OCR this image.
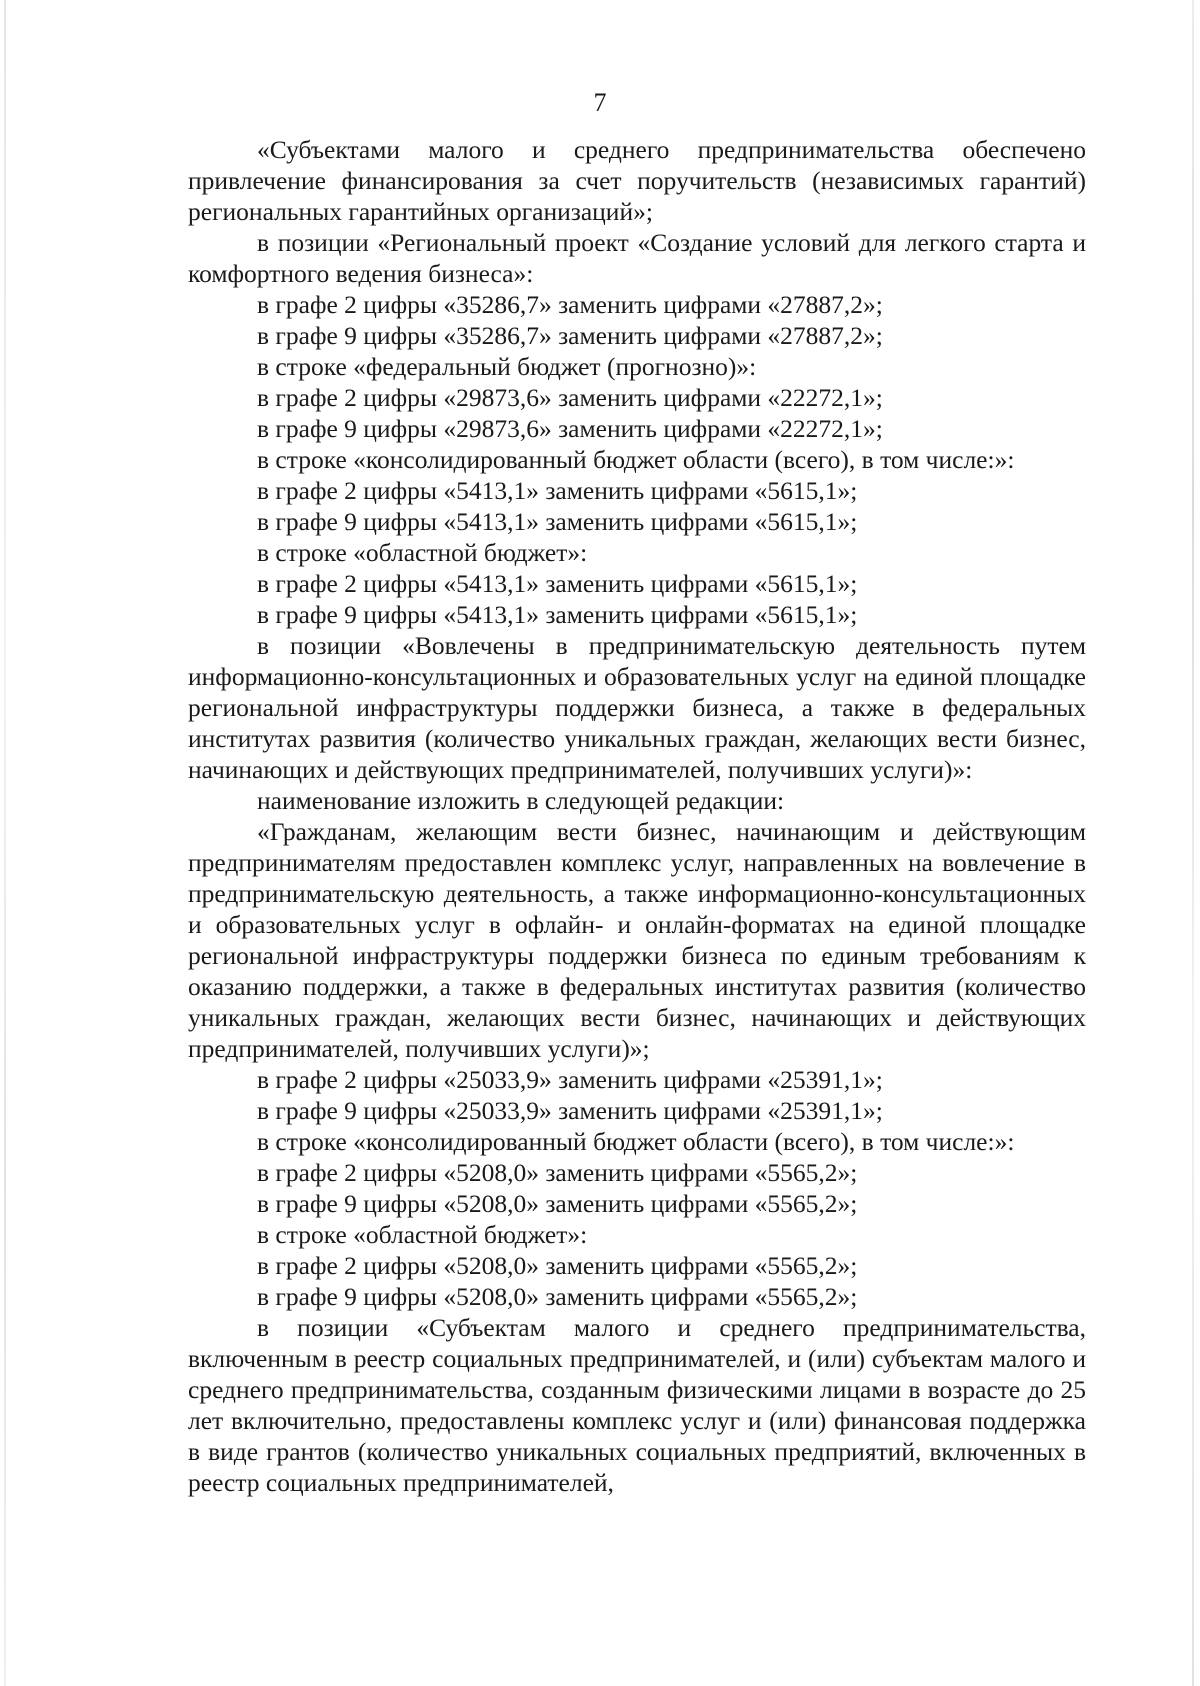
7

«Субъектами малого и среднего предпринимательства обеспечено привлечение финансирования за счет поручительств (независимых гарантий) региональных гарантийных организаций»;

в позиции «Региональный проект «Создание условий для легкого старта и комфортного ведения бизнеса»:

в графе 2 цифры «35286,7» заменить цифрами «27887,2»;

в графе 9 цифры «35286,7» заменить цифрами «27887,2»;

в строке «федеральный бюджет (прогнозно)»:

в графе 2 цифры «29873,6» заменить цифрами «22272,1»;

в графе 9 цифры «29873,6» заменить цифрами «22272,1»;

в строке «консолидированный бюджет области (всего), в том числе:»:

в графе 2 цифры «5413,1» заменить цифрами «5615,1»;

в графе 9 цифры «5413,1» заменить цифрами «5615,1»;

в строке «областной бюджет»:

в графе 2 цифры «5413,1» заменить цифрами «5615,1»;

в графе 9 цифры «5413,1» заменить цифрами «5615,1»;

в позиции «Вовлечены в предпринимательскую деятельность путем информационно-консультационных и образовательных услуг на единой площадке региональной инфраструктуры поддержки бизнеса, а также в федеральных институтах развития (количество уникальных граждан, желающих вести бизнес, начинающих и действующих предпринимателей, получивших услуги)»:

наименование изложить в следующей редакции:

«Гражданам, желающим вести бизнес, начинающим и действующим предпринимателям предоставлен комплекс услуг, направленных на вовлечение в предпринимательскую деятельность, а также информационно-консультационных и образовательных услуг в офлайн- и онлайн-форматах на единой площадке региональной инфраструктуры поддержки бизнеса по единым требованиям к оказанию поддержки, а также в федеральных институтах развития (количество уникальных граждан, желающих вести бизнес, начинающих и действующих предпринимателей, получивших услуги)»;

в графе 2 цифры «25033,9» заменить цифрами «25391,1»;

в графе 9 цифры «25033,9» заменить цифрами «25391,1»;

в строке «консолидированный бюджет области (всего), в том числе:»:

в графе 2 цифры «5208,0» заменить цифрами «5565,2»;

в графе 9 цифры «5208,0» заменить цифрами «5565,2»;

в строке «областной бюджет»:

в графе 2 цифры «5208,0» заменить цифрами «5565,2»;

в графе 9 цифры «5208,0» заменить цифрами «5565,2»;

в позиции «Субъектам малого и среднего предпринимательства, включенным в реестр социальных предпринимателей, и (или) субъектам малого и среднего предпринимательства, созданным физическими лицами в возрасте до 25 лет включительно, предоставлены комплекс услуг и (или) финансовая поддержка в виде грантов (количество уникальных социальных предприятий, включенных в реестр социальных предпринимателей,
